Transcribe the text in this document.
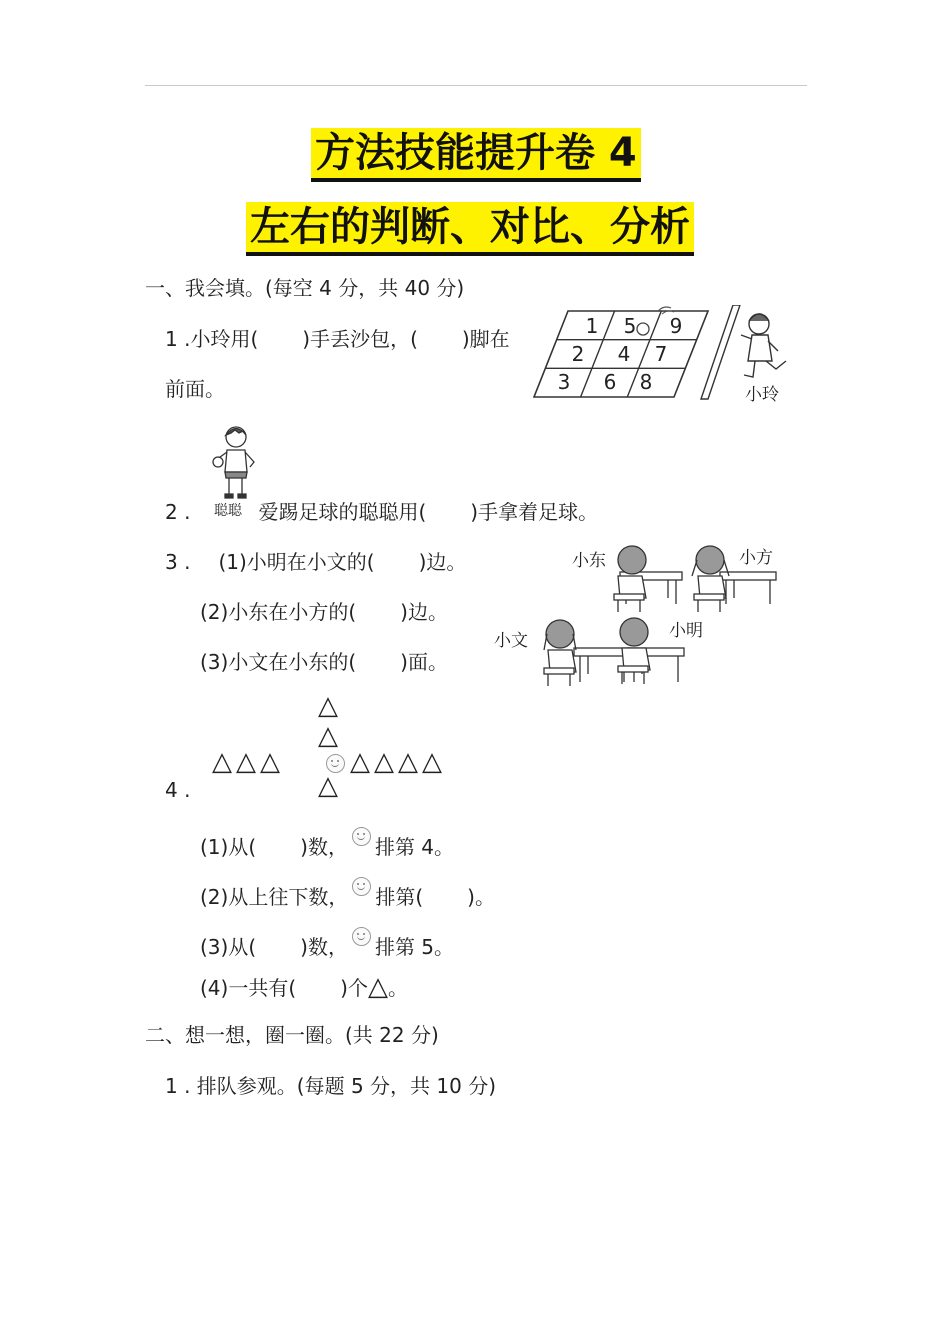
方法技能提升卷 4
左右的判断、对比、分析
一、我会填。(每空 4 分，共 40 分)
1 .小玲用( )手丢沙包，( )脚在
前面。
1 5 9
2 4 7
3 6 8
小玲
聪聪
2 .	爱踢足球的聪聪用( )手拿着足球。
3 . (1)小明在小文的( )边。
(2)小东在小方的( )边。
(3)小文在小东的( )面。
小东	小方
小文	小明
△
△
△△△	△△△△
△
4 .
(1)从( )数， 排第 4。
(2)从上往下数， 排第( )。
(3)从( )数， 排第 5。
(4)一共有( )个△。
二、想一想，圈一圈。(共 22 分)
1 . 排队参观。(每题 5 分，共 10 分)
